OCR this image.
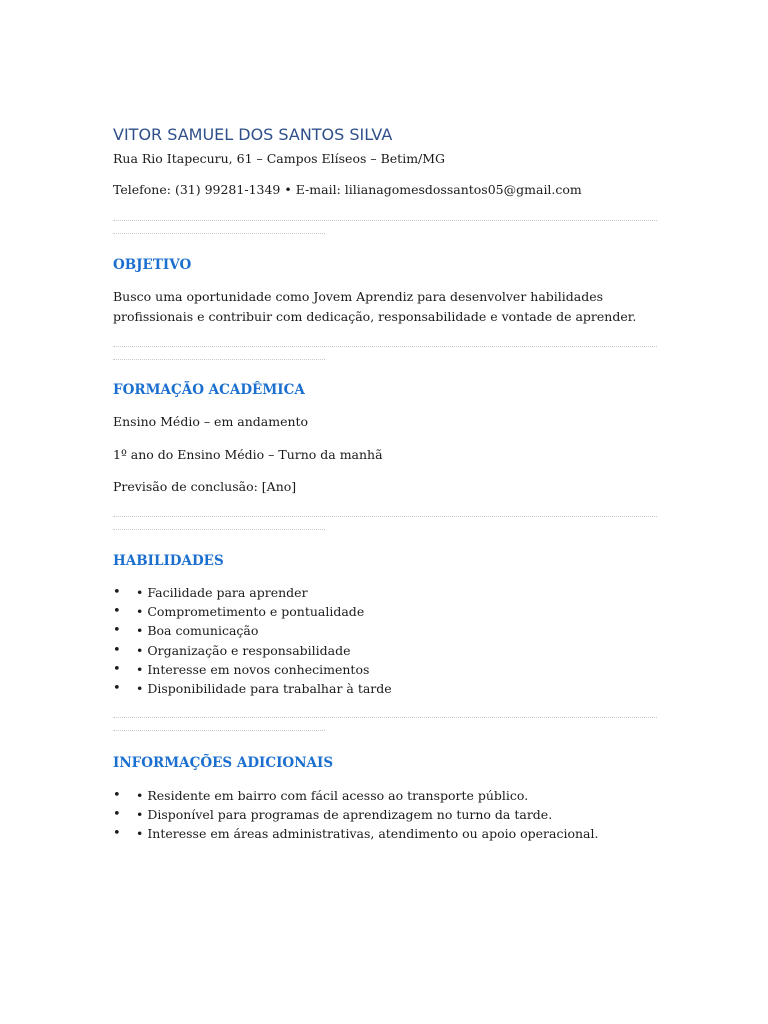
VITOR SAMUEL DOS SANTOS SILVA
Rua Rio Itapecuru, 61 – Campos Elíseos – Betim/MG
Telefone: (31) 99281-1349 • E-mail: lilianagomesdossantos05@gmail.com
OBJETIVO
Busco uma oportunidade como Jovem Aprendiz para desenvolver habilidades profissionais e contribuir com dedicação, responsabilidade e vontade de aprender.
FORMAÇÃO ACADÊMICA
Ensino Médio – em andamento
1º ano do Ensino Médio – Turno da manhã
Previsão de conclusão: [Ano]
HABILIDADES
• • Facilidade para aprender
• • Comprometimento e pontualidade
• • Boa comunicação
• • Organização e responsabilidade
• • Interesse em novos conhecimentos
• • Disponibilidade para trabalhar à tarde
INFORMAÇÕES ADICIONAIS
• • Residente em bairro com fácil acesso ao transporte público.
• • Disponível para programas de aprendizagem no turno da tarde.
• • Interesse em áreas administrativas, atendimento ou apoio operacional.
